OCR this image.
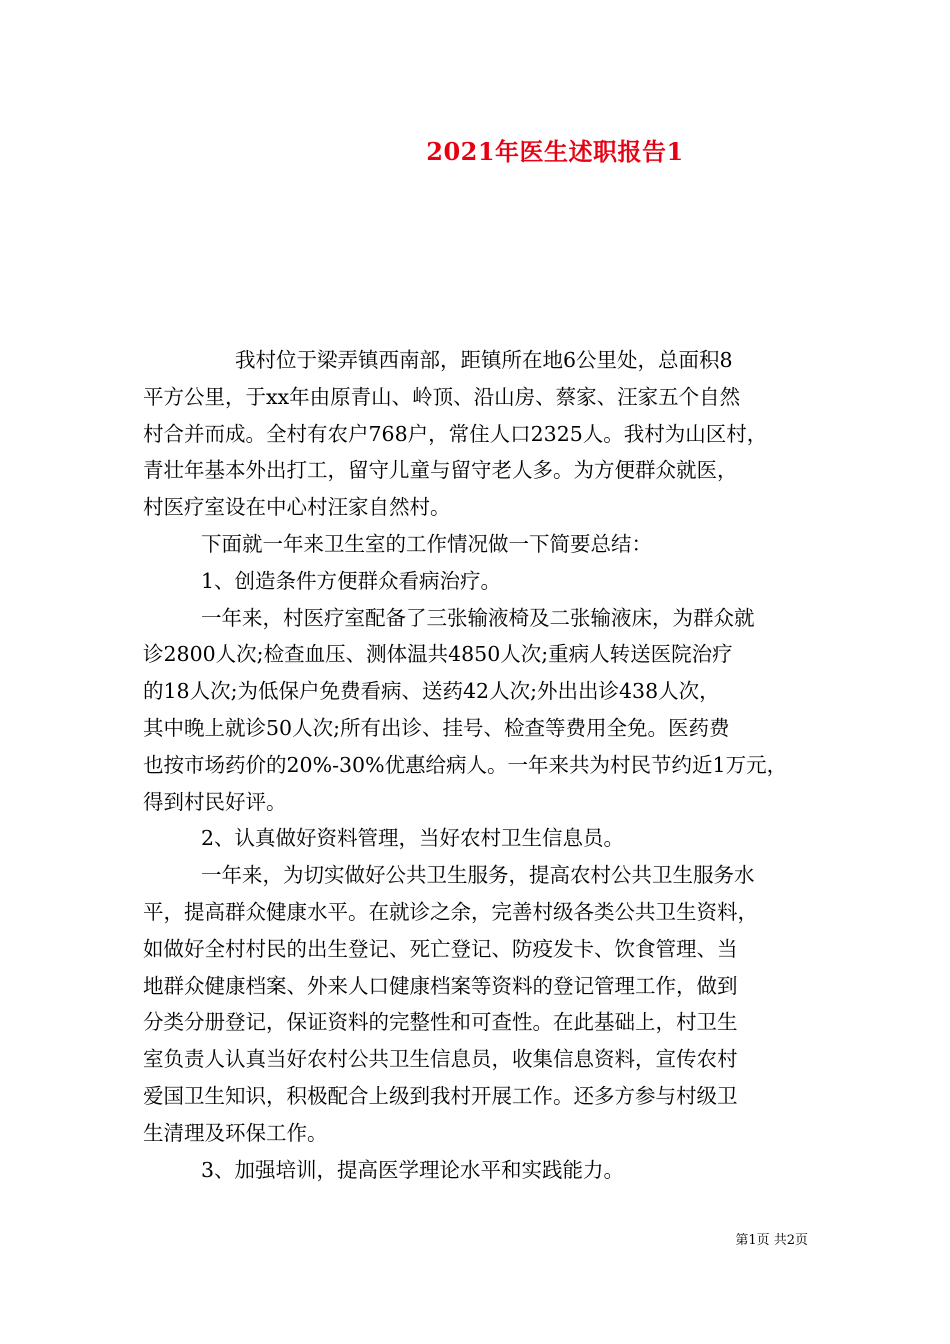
2021年医生述职报告1
我村位于梁弄镇西南部，距镇所在地6公里处，总面积8
平方公里，于xx年由原青山、岭顶、沿山房、蔡家、汪家五个自然
村合并而成。全村有农户768户，常住人口2325人。我村为山区村，
青壮年基本外出打工，留守儿童与留守老人多。为方便群众就医，
村医疗室设在中心村汪家自然村。
下面就一年来卫生室的工作情况做一下简要总结：
1、创造条件方便群众看病治疗。
一年来，村医疗室配备了三张输液椅及二张输液床，为群众就
诊2800人次;检查血压、测体温共4850人次;重病人转送医院治疗
的18人次;为低保户免费看病、送药42人次;外出出诊438人次，
其中晚上就诊50人次;所有出诊、挂号、检查等费用全免。医药费
也按市场药价的20%-30%优惠给病人。一年来共为村民节约近1万元，
得到村民好评。
2、认真做好资料管理，当好农村卫生信息员。
一年来，为切实做好公共卫生服务，提高农村公共卫生服务水
平，提高群众健康水平。在就诊之余，完善村级各类公共卫生资料，
如做好全村村民的出生登记、死亡登记、防疫发卡、饮食管理、当
地群众健康档案、外来人口健康档案等资料的登记管理工作，做到
分类分册登记，保证资料的完整性和可查性。在此基础上，村卫生
室负责人认真当好农村公共卫生信息员，收集信息资料，宣传农村
爱国卫生知识，积极配合上级到我村开展工作。还多方参与村级卫
生清理及环保工作。
3、加强培训，提高医学理论水平和实践能力。
第1页 共2页
